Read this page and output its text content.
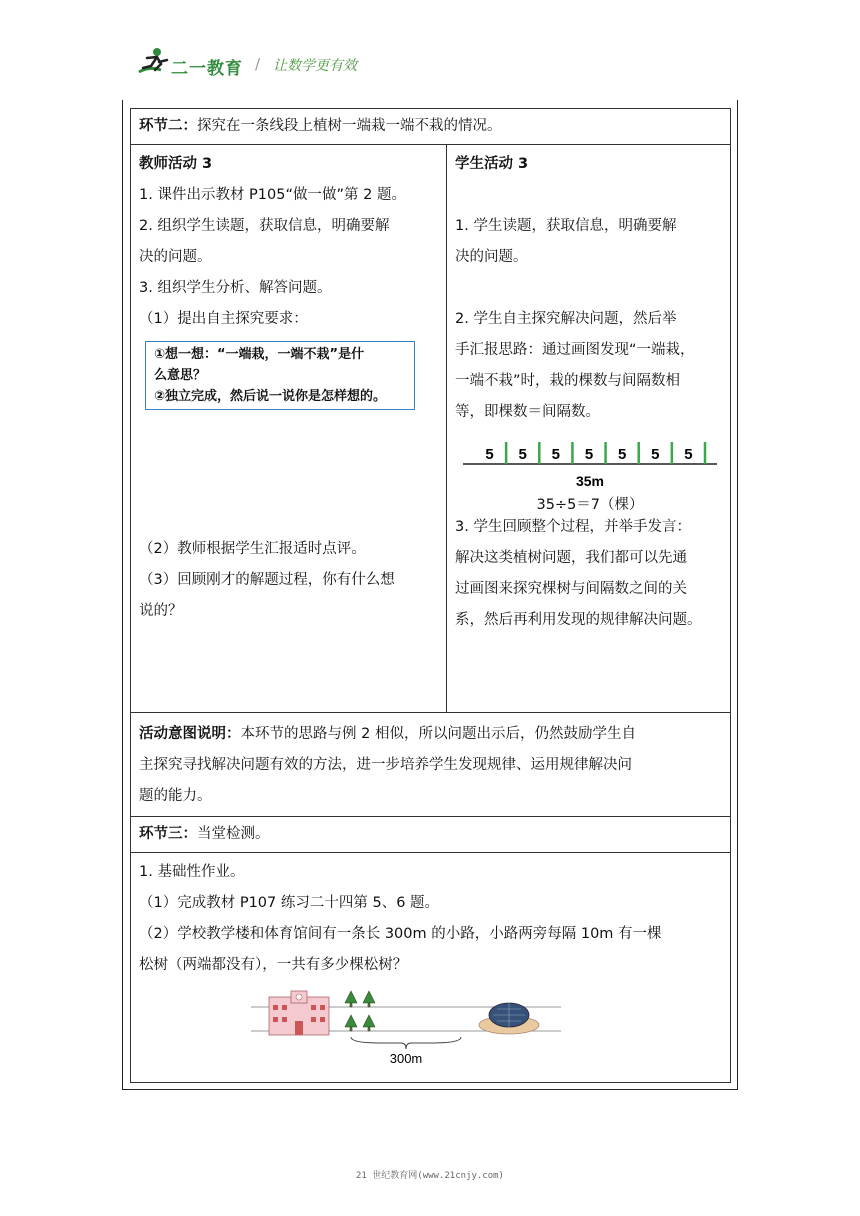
二一教育 / 让数学更有效
环节二：探究在一条线段上植树一端栽一端不栽的情况。

教师活动 3
1. 课件出示教材 P105“做一做”第 2 题。
2. 组织学生读题，获取信息，明确要解
决的问题。
3. 组织学生分析、解答问题。
（1）提出自主探究要求：
①想一想：“一端栽，一端不栽”是什
么意思？
②独立完成，然后说一说你是怎样想的。
（2）教师根据学生汇报适时点评。
（3）回顾刚才的解题过程，你有什么想
说的？

学生活动 3

1. 学生读题，获取信息，明确要解
决的问题。

2. 学生自主探究解决问题，然后举
手汇报思路：通过画图发现“一端栽，
一端不栽”时，栽的棵数与间隔数相
等，即棵数＝间隔数。
5 5 5 5 5 5 5
35m
35÷5＝7（棵）
3. 学生回顾整个过程，并举手发言：
解决这类植树问题，我们都可以先通
过画图来探究棵树与间隔数之间的关
系，然后再利用发现的规律解决问题。

活动意图说明：本环节的思路与例 2 相似，所以问题出示后，仍然鼓励学生自
主探究寻找解决问题有效的方法，进一步培养学生发现规律、运用规律解决问
题的能力。

环节三：当堂检测。

1. 基础性作业。
（1）完成教材 P107 练习二十四第 5、6 题。
（2）学校教学楼和体育馆间有一条长 300m 的小路，小路两旁每隔 10m 有一棵
松树（两端都没有），一共有多少棵松树？
300m
21 世纪教育网(www.21cnjy.com)
